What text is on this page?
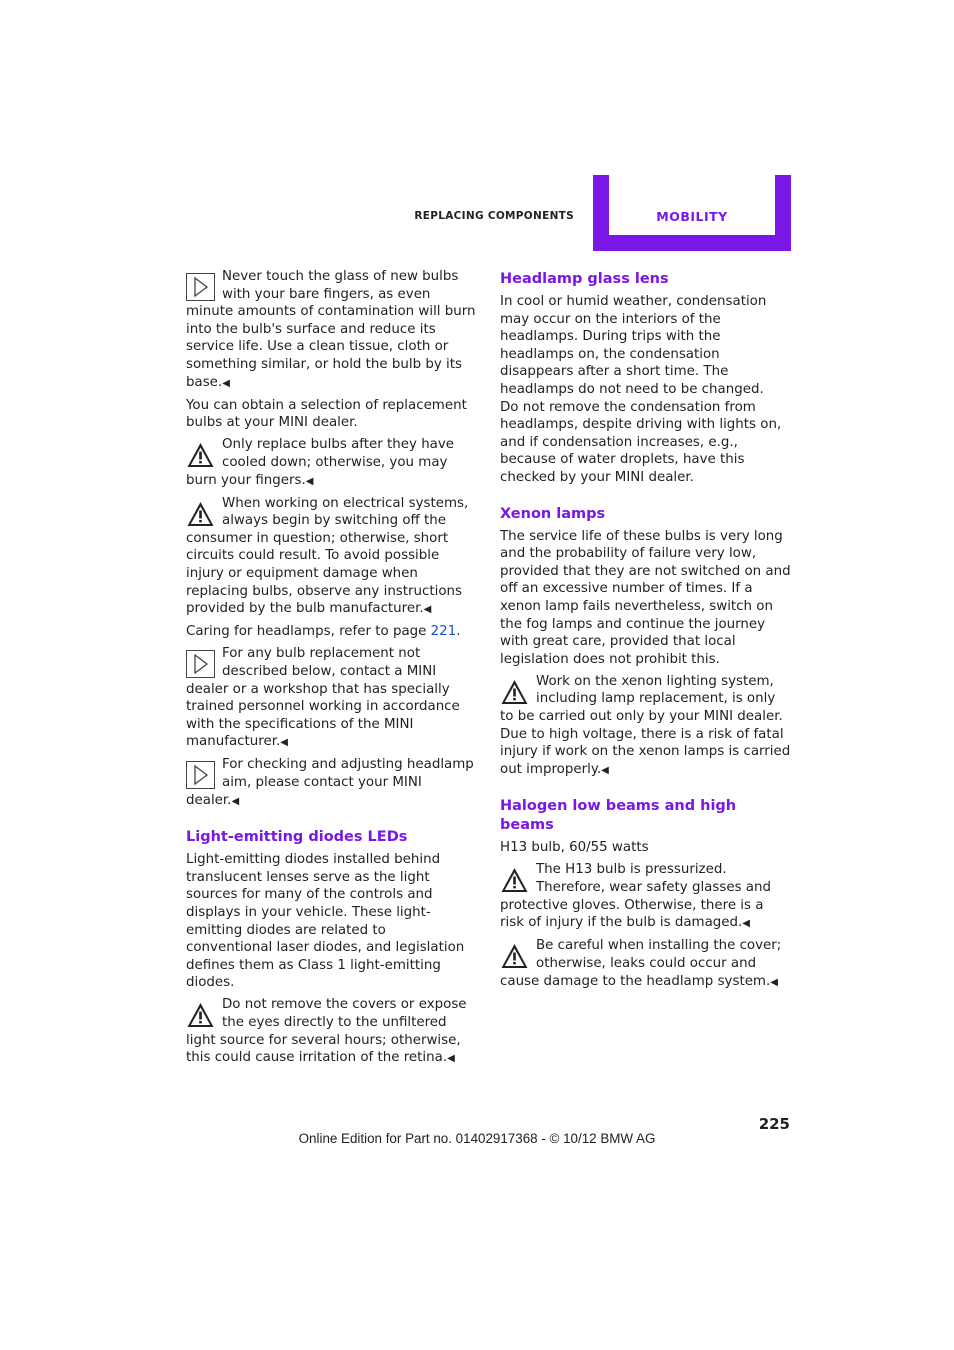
REPLACING COMPONENTS	MOBILITY
Never touch the glass of new bulbs with your bare fingers, as even minute amounts of contamination will burn into the bulb's surface and reduce its service life. Use a clean tissue, cloth or something similar, or hold the bulb by its base.◀

You can obtain a selection of replacement bulbs at your MINI dealer.

Only replace bulbs after they have cooled down; otherwise, you may burn your fingers.◀
When working on electrical systems, always begin by switching off the consumer in question; otherwise, short circuits could result. To avoid possible injury or equipment damage when replacing bulbs, observe any instructions provided by the bulb manufacturer.◀

Caring for headlamps, refer to page 221.

For any bulb replacement not described below, contact a MINI dealer or a workshop that has specially trained personnel working in accordance with the specifications of the MINI manufacturer.◀
For checking and adjusting headlamp aim, please contact your MINI dealer.◀
Light-emitting diodes LEDs

Light-emitting diodes installed behind translucent lenses serve as the light sources for many of the controls and displays in your vehicle. These light-emitting diodes are related to conventional laser diodes, and legislation defines them as Class 1 light-emitting diodes.

Do not remove the covers or expose the eyes directly to the unfiltered light source for several hours; otherwise, this could cause irritation of the retina.◀
Headlamp glass lens

In cool or humid weather, condensation may occur on the interiors of the headlamps. During trips with the headlamps on, the condensation disappears after a short time. The headlamps do not need to be changed.

Do not remove the condensation from headlamps, despite driving with lights on, and if condensation increases, e.g., because of water droplets, have this checked by your MINI dealer.

Xenon lamps

The service life of these bulbs is very long and the probability of failure very low, provided that they are not switched on and off an excessive number of times. If a xenon lamp fails nevertheless, switch on the fog lamps and continue the journey with great care, provided that local legislation does not prohibit this.

Work on the xenon lighting system, including lamp replacement, is only to be carried out only by your MINI dealer. Due to high voltage, there is a risk of fatal injury if work on the xenon lamps is carried out improperly.◀
Halogen low beams and high beams

H13 bulb, 60/55 watts

The H13 bulb is pressurized. Therefore, wear safety glasses and protective gloves. Otherwise, there is a risk of injury if the bulb is damaged.◀
Be careful when installing the cover; otherwise, leaks could occur and cause damage to the headlamp system.◀
225
Online Edition for Part no. 01402917368 - © 10/12 BMW AG
